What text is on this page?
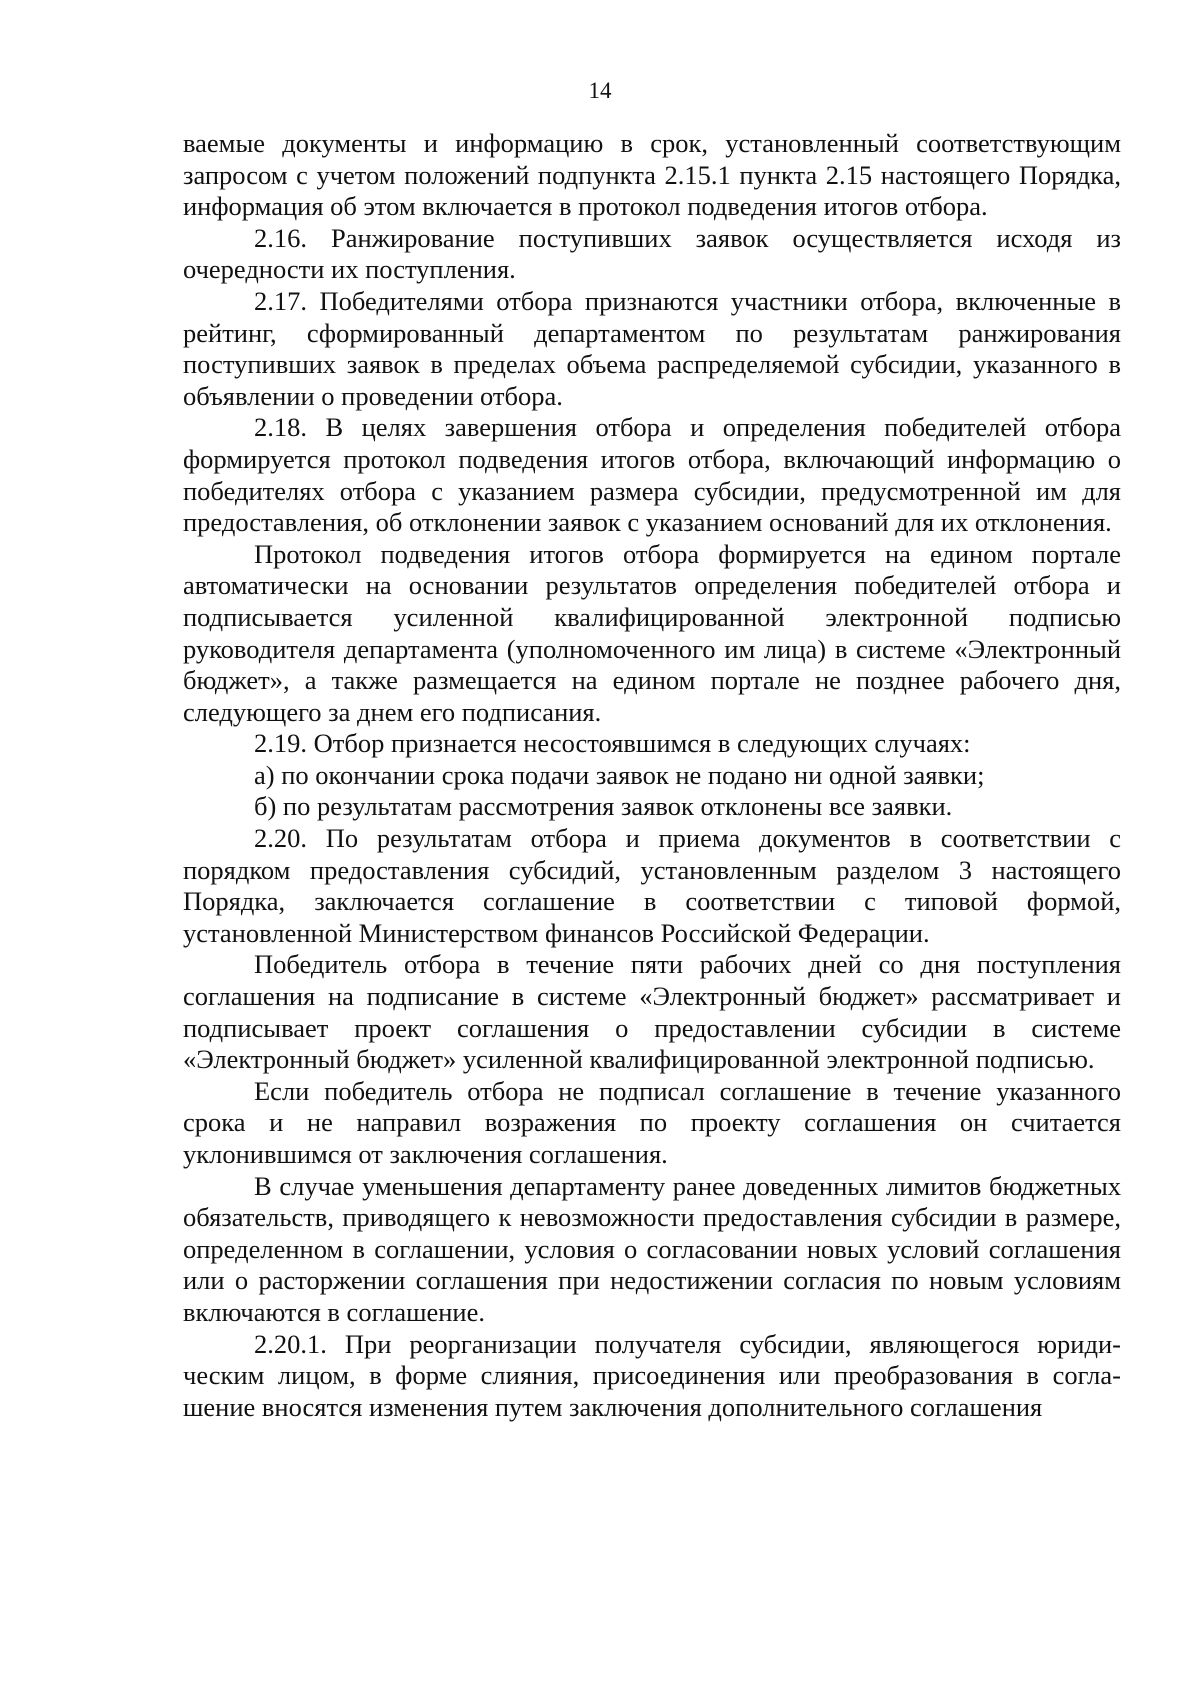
14

ваемые документы и информацию в срок, установленный соответствующим запросом с учетом положений подпункта 2.15.1 пункта 2.15 настоящего Порядка, информация об этом включается в протокол подведения итогов отбора.

2.16. Ранжирование поступивших заявок осуществляется исходя из очередности их поступления.

2.17. Победителями отбора признаются участники отбора, включенные в рейтинг, сформированный департаментом по результатам ранжирования поступивших заявок в пределах объема распределяемой субсидии, указанного в объявлении о проведении отбора.

2.18. В целях завершения отбора и определения победителей отбора формируется протокол подведения итогов отбора, включающий информацию о победителях отбора с указанием размера субсидии, предусмотренной им для предоставления, об отклонении заявок с указанием оснований для их отклонения.

Протокол подведения итогов отбора формируется на едином портале автоматически на основании результатов определения победителей отбора и подписывается усиленной квалифицированной электронной подписью руководителя департамента (уполномоченного им лица) в системе «Электронный бюджет», а также размещается на едином портале не позднее рабочего дня, следующего за днем его подписания.

2.19. Отбор признается несостоявшимся в следующих случаях:

а) по окончании срока подачи заявок не подано ни одной заявки;

б) по результатам рассмотрения заявок отклонены все заявки.

2.20. По результатам отбора и приема документов в соответствии с порядком предоставления субсидий, установленным разделом 3 настоящего Порядка, заключается соглашение в соответствии с типовой формой, установленной Министерством финансов Российской Федерации.

Победитель отбора в течение пяти рабочих дней со дня поступления соглашения на подписание в системе «Электронный бюджет» рассматривает и подписывает проект соглашения о предоставлении субсидии в системе «Электронный бюджет» усиленной квалифицированной электронной подписью.

Если победитель отбора не подписал соглашение в течение указанного срока и не направил возражения по проекту соглашения он считается уклонившимся от заключения соглашения.

В случае уменьшения департаменту ранее доведенных лимитов бюджетных обязательств, приводящего к невозможности предоставления субсидии в размере, определенном в соглашении, условия о согласовании новых условий соглашения или о расторжении соглашения при недостижении согласия по новым условиям включаются в соглашение.

2.20.1. При реорганизации получателя субсидии, являющегося юридическим лицом, в форме слияния, присоединения или преобразования в соглашение вносятся изменения путем заключения дополнительного соглашения
